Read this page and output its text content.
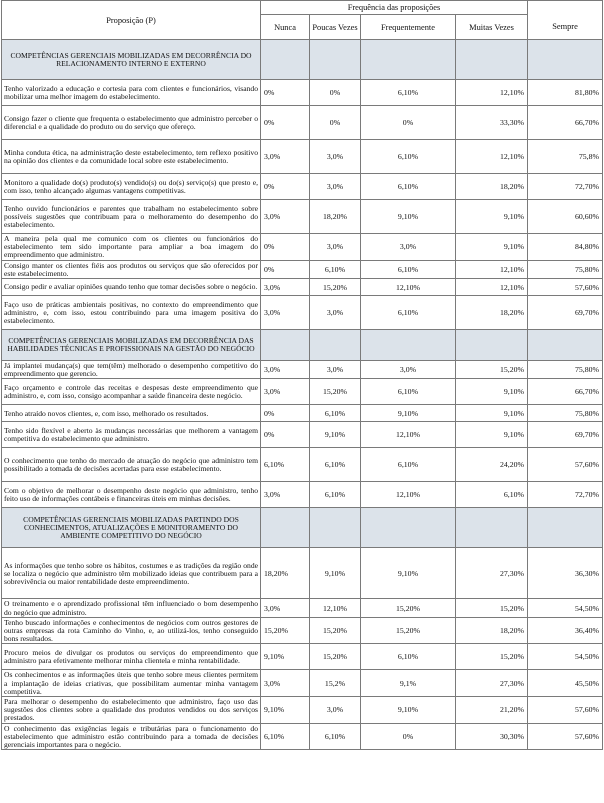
Proposição (P)	Frequência das proposições				
	Nunca	Poucas Vezes	Frequentemente	Muitas Vezes	Sempre
COMPETÊNCIAS GERENCIAIS MOBILIZADAS EM DECORRÊNCIA DO RELACIONAMENTO INTERNO E EXTERNO					
Tenho valorizado a educação e cortesia para com clientes e funcionários, visando mobilizar uma melhor imagem do estabelecimento.	0%	0%	6,10%	12,10%	81,80%
Consigo fazer o cliente que frequenta o estabelecimento que administro perceber o diferencial e a qualidade do produto ou do serviço que ofereço.	0%	0%	0%	33,30%	66,70%
Minha conduta ética, na administração deste estabelecimento, tem reflexo positivo na opinião dos clientes e da comunidade local sobre este estabelecimento.	3,0%	3,0%	6,10%	12,10%	75,8%
Monitoro a qualidade do(s) produto(s) vendido(s) ou do(s) serviço(s) que presto e, com isso, tenho alcançado algumas vantagens competitivas.	0%	3,0%	6,10%	18,20%	72,70%
Tenho ouvido funcionários e parentes que trabalham no estabelecimento sobre possíveis sugestões que contribuam para o melhoramento do desempenho do estabelecimento.	3,0%	18,20%	9,10%	9,10%	60,60%
A maneira pela qual me comunico com os clientes ou funcionários do estabelecimento tem sido importante para ampliar a boa imagem do empreendimento que administro.	0%	3,0%	3,0%	9,10%	84,80%
Consigo manter os clientes fiéis aos produtos ou serviços que são oferecidos por este estabelecimento.	0%	6,10%	6,10%	12,10%	75,80%
Consigo pedir e avaliar opiniões quando tenho que tomar decisões sobre o negócio.	3,0%	15,20%	12,10%	12,10%	57,60%
Faço uso de práticas ambientais positivas, no contexto do empreendimento que administro, e, com isso, estou contribuindo para uma imagem positiva do estabelecimento.	3,0%	3,0%	6,10%	18,20%	69,70%
COMPETÊNCIAS GERENCIAIS MOBILIZADAS EM DECORRÊNCIA DAS HABILIDADES TÉCNICAS E PROFISSIONAIS NA GESTÃO DO NEGÓCIO					
Já implantei mudança(s) que tem(têm) melhorado o desempenho competitivo do empreendimento que gerencio.	3,0%	3,0%	3,0%	15,20%	75,80%
Faço orçamento e controle das receitas e despesas deste empreendimento que administro, e, com isso, consigo acompanhar a saúde financeira deste negócio.	3,0%	15,20%	6,10%	9,10%	66,70%
Tenho atraído novos clientes, e, com isso, melhorado os resultados.	0%	6,10%	9,10%	9,10%	75,80%
Tenho sido flexível e aberto às mudanças necessárias que melhorem a vantagem competitiva do estabelecimento que administro.	0%	9,10%	12,10%	9,10%	69,70%
O conhecimento que tenho do mercado de atuação do negócio que administro tem possibilitado a tomada de decisões acertadas para esse estabelecimento.	6,10%	6,10%	6,10%	24,20%	57,60%
Com o objetivo de melhorar o desempenho deste negócio que administro, tenho feito uso de informações contábeis e financeiras úteis em minhas decisões.	3,0%	6,10%	12,10%	6,10%	72,70%
COMPETÊNCIAS GERENCIAIS MOBILIZADAS PARTINDO DOS CONHECIMENTOS, ATUALIZAÇÕES E MONITORAMENTO DO AMBIENTE COMPETITIVO DO NEGÓCIO					
As informações que tenho sobre os hábitos, costumes e as tradições da região onde se localiza o negócio que administro têm mobilizado ideias que contribuem para a sobrevivência ou maior rentabilidade deste empreendimento.	18,20%	9,10%	9,10%	27,30%	36,30%
O treinamento e o aprendizado profissional têm influenciado o bom desempenho do negócio que administro.	3,0%	12,10%	15,20%	15,20%	54,50%
Tenho buscado informações e conhecimentos de negócios com outros gestores de outras empresas da rota Caminho do Vinho, e, ao utilizá-los, tenho conseguido bons resultados.	15,20%	15,20%	15,20%	18,20%	36,40%
Procuro meios de divulgar os produtos ou serviços do empreendimento que administro para efetivamente melhorar minha clientela e minha rentabilidade.	9,10%	15,20%	6,10%	15,20%	54,50%
Os conhecimentos e as informações úteis que tenho sobre meus clientes permitem a implantação de ideias criativas, que possibilitam aumentar minha vantagem competitiva.	3,0%	15,2%	9,1%	27,30%	45,50%
Para melhorar o desempenho do estabelecimento que administro, faço uso das sugestões dos clientes sobre a qualidade dos produtos vendidos ou dos serviços prestados.	9,10%	3,0%	9,10%	21,20%	57,60%
O conhecimento das exigências legais e tributárias para o funcionamento do estabelecimento que administro estão contribuindo para a tomada de decisões gerenciais importantes para o negócio.	6,10%	6,10%	0%	30,30%	57,60%
